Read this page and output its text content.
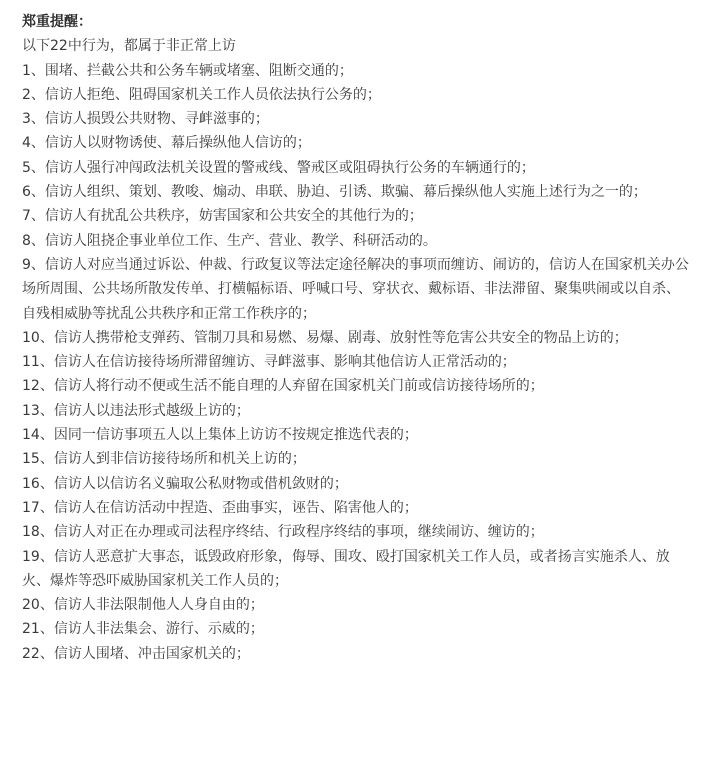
郑重提醒：

以下22中行为，都属于非正常上访

1、围堵、拦截公共和公务车辆或堵塞、阻断交通的；
2、信访人拒绝、阻碍国家机关工作人员依法执行公务的；
3、信访人损毁公共财物、寻衅滋事的；
4、信访人以财物诱使、幕后操纵他人信访的；
5、信访人强行冲闯政法机关设置的警戒线、警戒区或阻碍执行公务的车辆通行的；
6、信访人组织、策划、教唆、煽动、串联、胁迫、引诱、欺骗、幕后操纵他人实施上述行为之一的；
7、信访人有扰乱公共秩序，妨害国家和公共安全的其他行为的；
8、信访人阻挠企事业单位工作、生产、营业、教学、科研活动的。
9、信访人对应当通过诉讼、仲裁、行政复议等法定途径解决的事项而缠访、闹访的，信访人在国家机关办公场所周围、公共场所散发传单、打横幅标语、呼喊口号、穿状衣、戴标语、非法滞留、聚集哄闹或以自杀、自残相威胁等扰乱公共秩序和正常工作秩序的；
10、信访人携带枪支弹药、管制刀具和易燃、易爆、剧毒、放射性等危害公共安全的物品上访的；
11、信访人在信访接待场所滞留缠访、寻衅滋事、影响其他信访人正常活动的；
12、信访人将行动不便或生活不能自理的人弃留在国家机关门前或信访接待场所的；
13、信访人以违法形式越级上访的；
14、因同一信访事项五人以上集体上访访不按规定推选代表的；
15、信访人到非信访接待场所和机关上访的；
16、信访人以信访名义骗取公私财物或借机敛财的；
17、信访人在信访活动中捏造、歪曲事实，诬告、陷害他人的；
18、信访人对正在办理或司法程序终结、行政程序终结的事项，继续闹访、缠访的；
19、信访人恶意扩大事态，诋毁政府形象，侮辱、围攻、殴打国家机关工作人员，或者扬言实施杀人、放火、爆炸等恐吓威胁国家机关工作人员的；
20、信访人非法限制他人人身自由的；
21、信访人非法集会、游行、示威的；
22、信访人围堵、冲击国家机关的；
